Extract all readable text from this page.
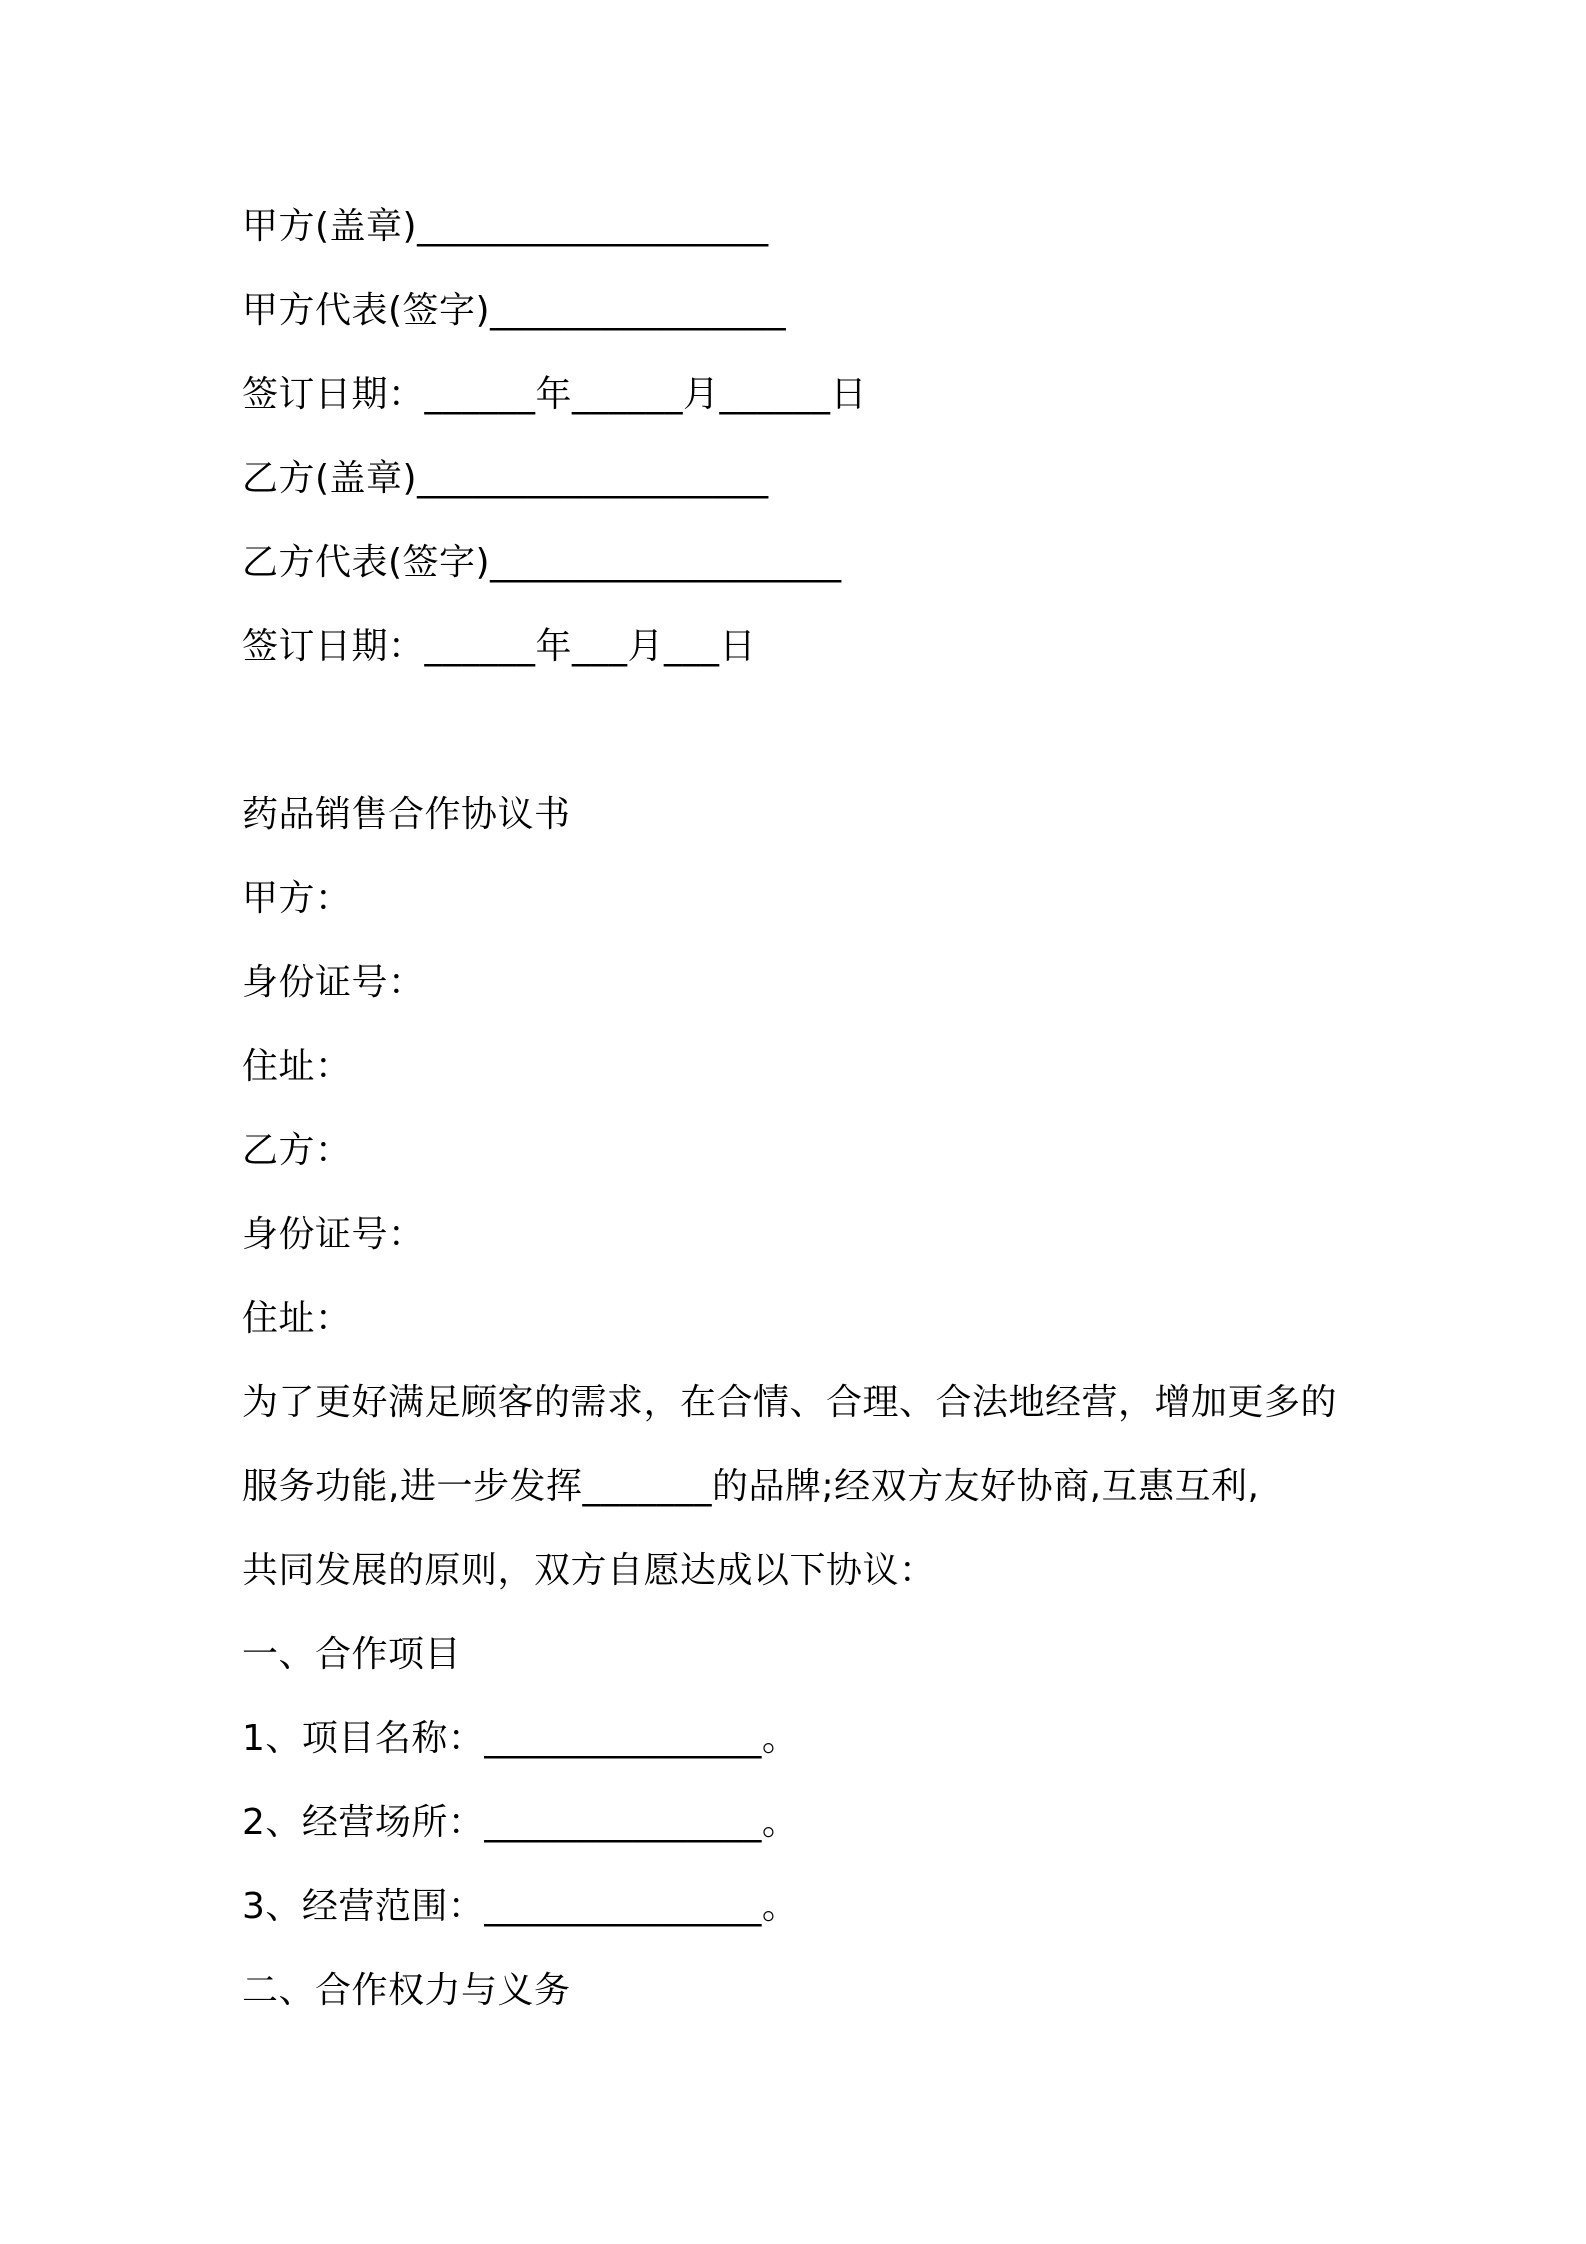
甲方(盖章)___________________
甲方代表(签字)________________
签订日期：______年______月______日
乙方(盖章)___________________
乙方代表(签字)___________________
签订日期：______年___月___日
药品销售合作协议书
甲方：
身份证号：
住址：
乙方：
身份证号：
住址：
为了更好满足顾客的需求，在合情、合理、合法地经营，增加更多的
服务功能,进一步发挥_______的品牌;经双方友好协商,互惠互利,
共同发展的原则，双方自愿达成以下协议：
一、合作项目
1、项目名称：_______________。
2、经营场所：_______________。
3、经营范围：_______________。
二、合作权力与义务
